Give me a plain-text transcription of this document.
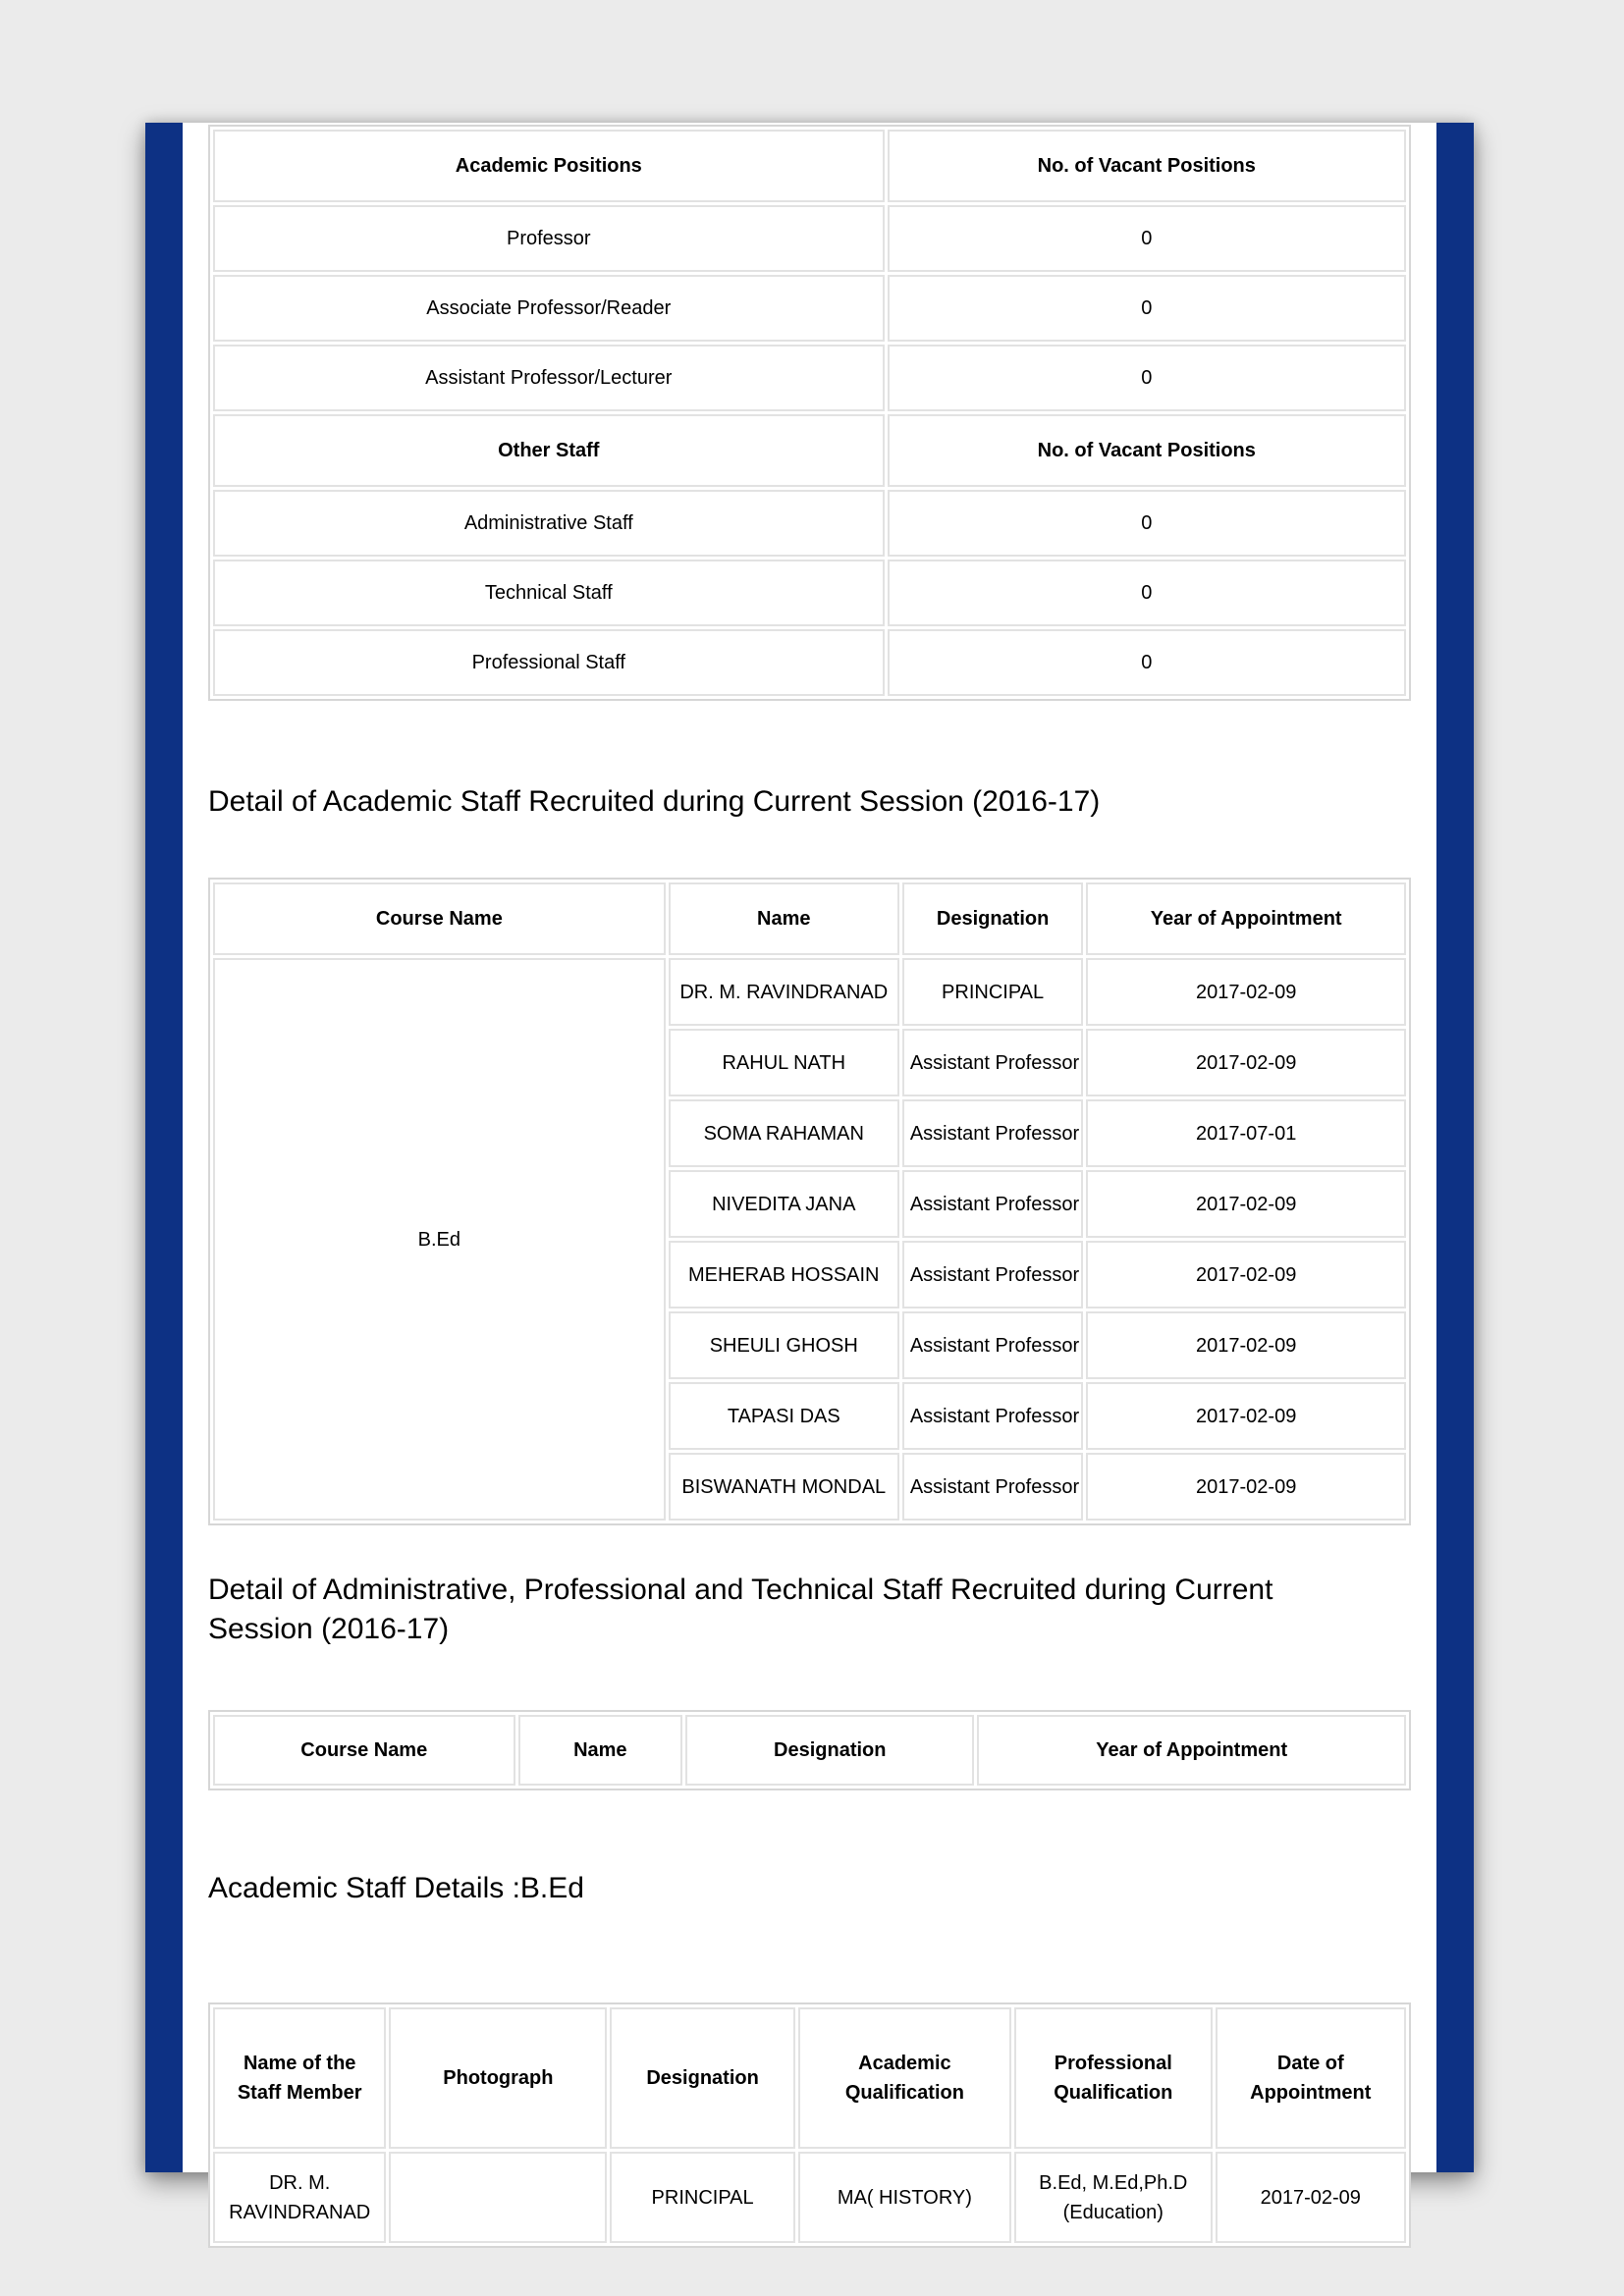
Academic Positions	No. of Vacant Positions
Professor	0
Associate Professor/Reader	0
Assistant Professor/Lecturer	0
Other Staff	No. of Vacant Positions
Administrative Staff	0
Technical Staff	0
Professional Staff	0
Detail of Academic Staff Recruited during Current Session (2016-17)
Course Name	Name	Designation	Year of Appointment
B.Ed	DR. M. RAVINDRANAD	PRINCIPAL	2017-02-09
	RAHUL NATH	Assistant Professor	2017-02-09
	SOMA RAHAMAN	Assistant Professor	2017-07-01
	NIVEDITA JANA	Assistant Professor	2017-02-09
	MEHERAB HOSSAIN	Assistant Professor	2017-02-09
	SHEULI GHOSH	Assistant Professor	2017-02-09
	TAPASI DAS	Assistant Professor	2017-02-09
	BISWANATH MONDAL	Assistant Professor	2017-02-09
Detail of Administrative, Professional and Technical Staff Recruited during Current Session (2016-17)
Course Name	Name	Designation	Year of Appointment
Academic Staff Details :B.Ed
Name of the Staff Member	Photograph	Designation	Academic Qualification	Professional Qualification	Date of Appointment
DR. M. RAVINDRANAD		PRINCIPAL	MA( HISTORY)	B.Ed, M.Ed,Ph.D (Education)	2017-02-09
